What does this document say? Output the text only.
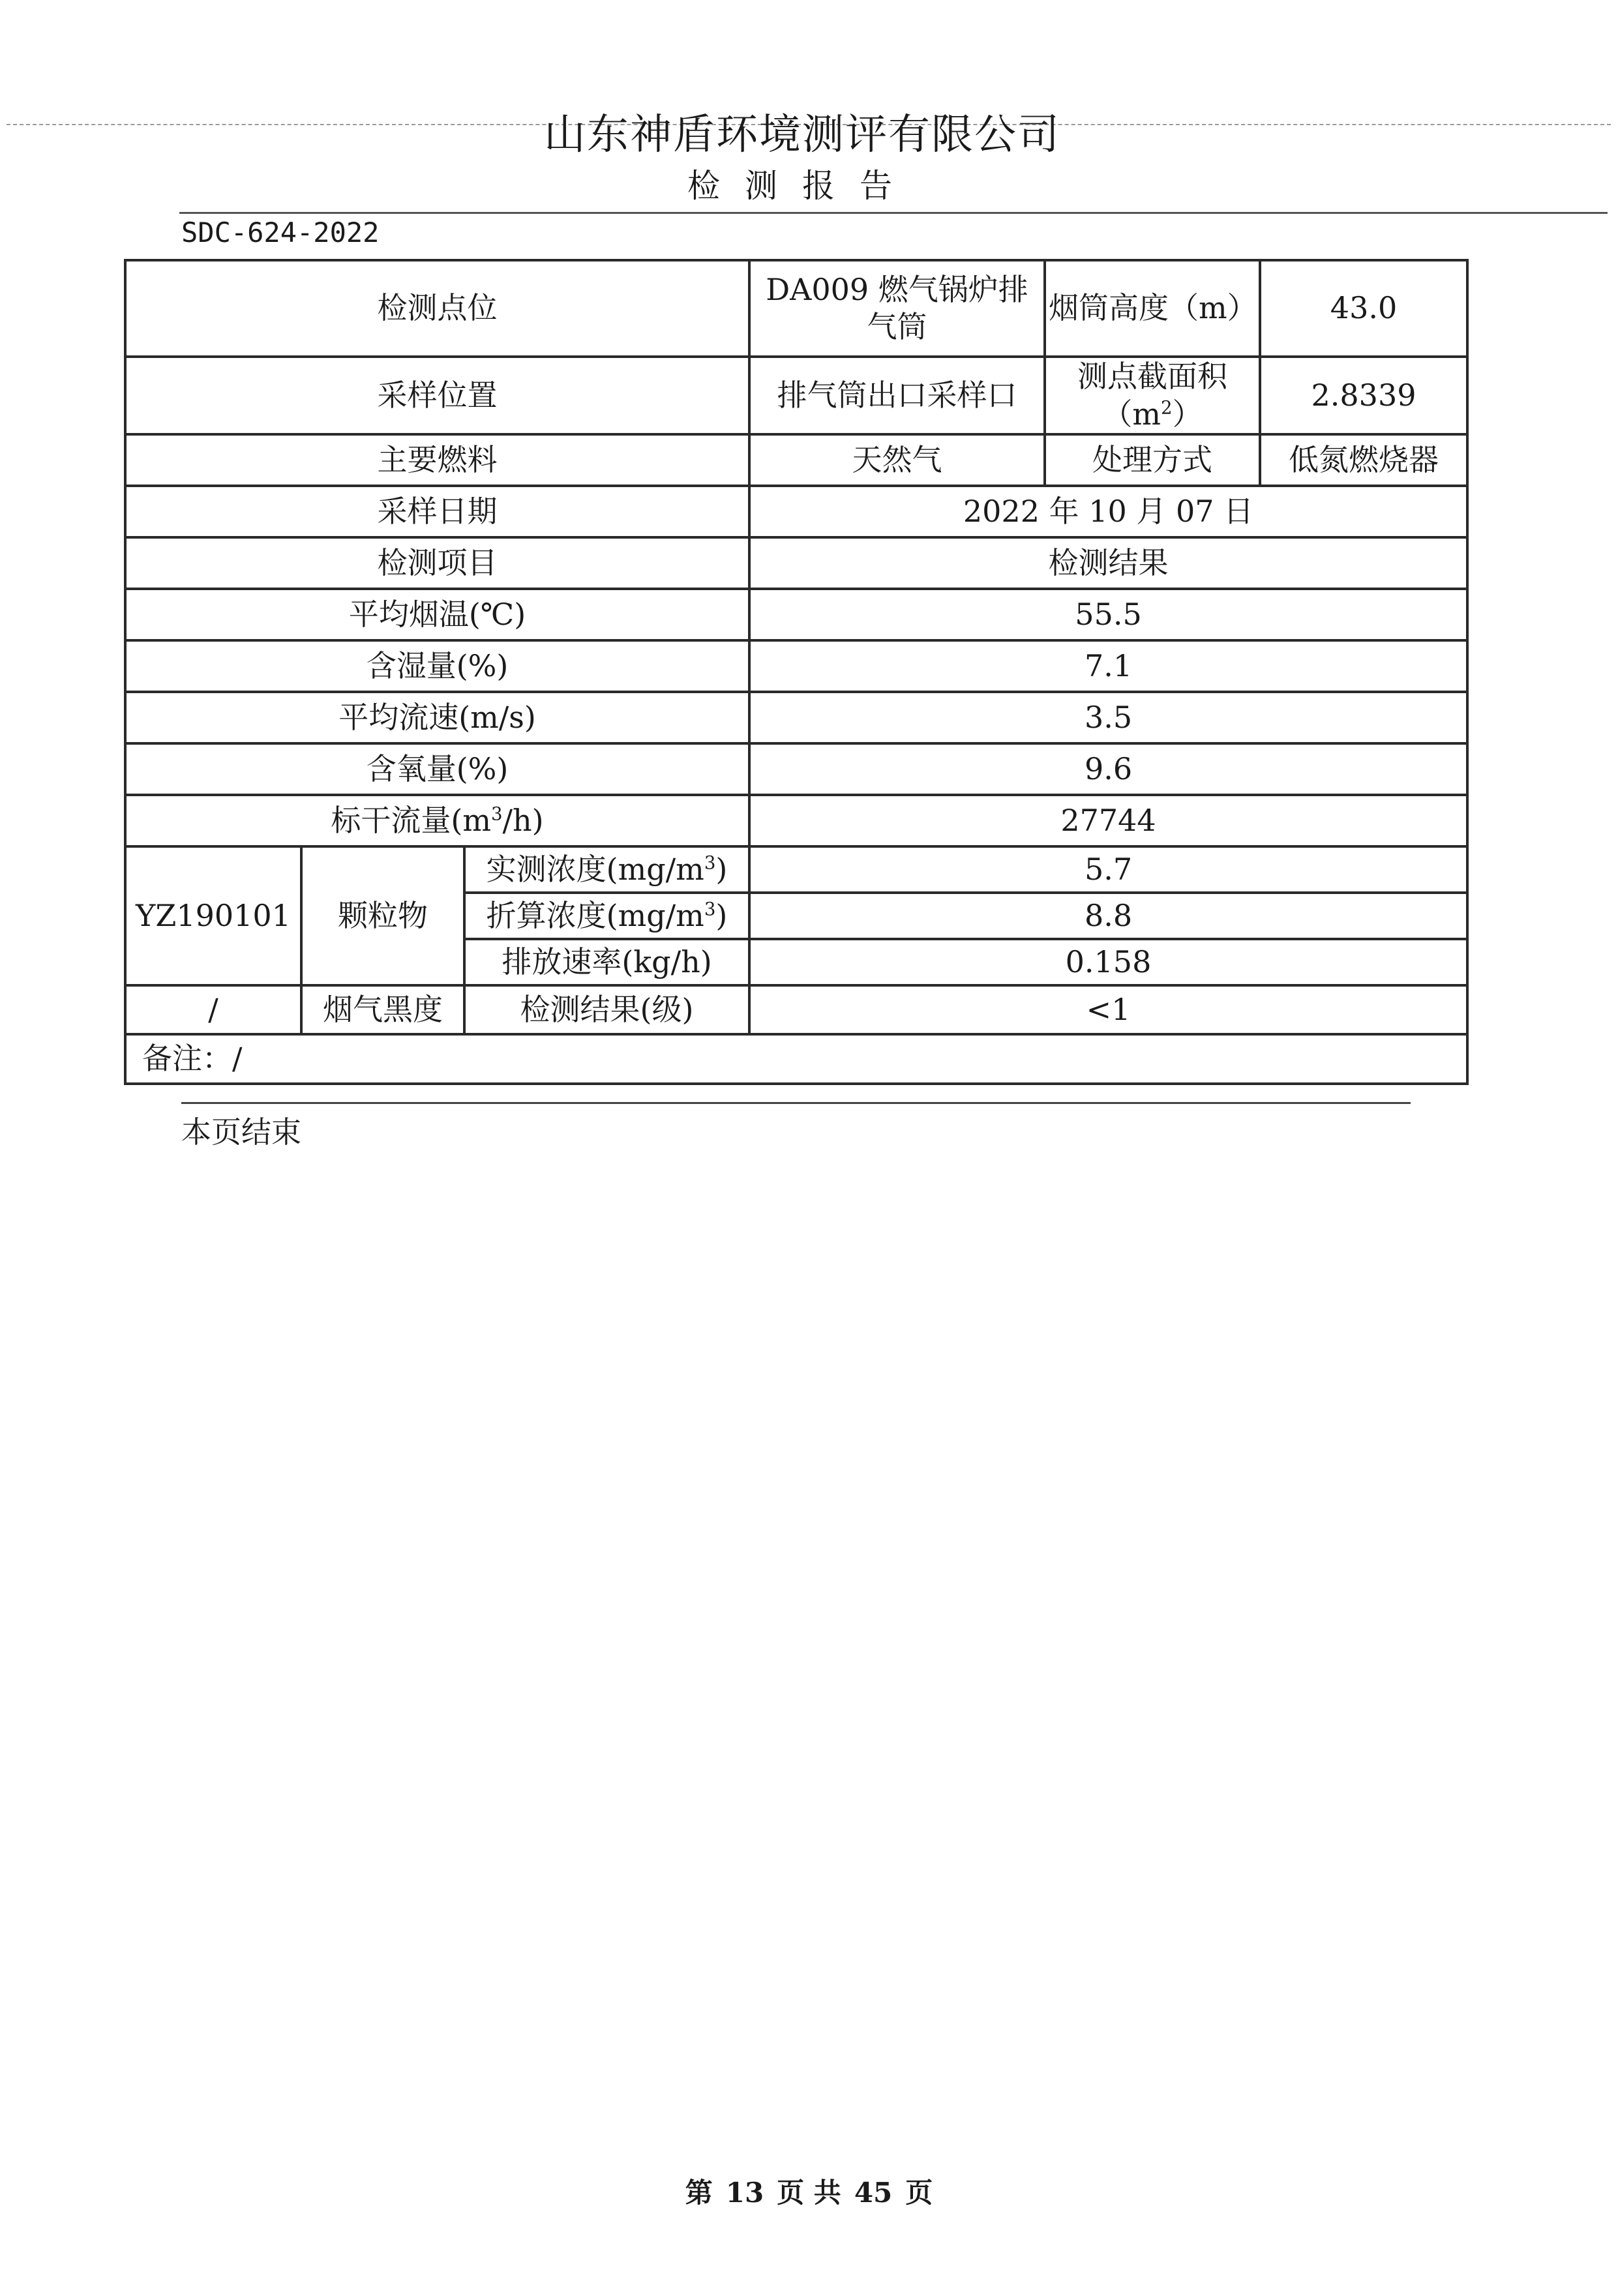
山东神盾环境测评有限公司
检测报告
SDC-624-2022
检测点位			DA009 燃气锅炉排气筒	烟筒高度（m）	43.0
采样位置			排气筒出口采样口	测点截面积$(m^2)$	2.8339
主要燃料			天然气	处理方式	低氮燃烧器
采样日期			2022 年 10 月 07 日		
检测项目			检测结果		
平均烟温(℃)			55.5		
含湿量(%)			7.1		
平均流速(m/s)			3.5		
含氧量(%)			9.6		
标干流量$(m^3/h)$			27744		
YZ190101	颗粒物	实测浓度$(mg/m^3)$	5.7		
		折算浓度$(mg/m^3)$	8.8		
		排放速率(kg/h)	0.158		
/	烟气黑度	检测结果(级)	<1		
备注：/					
本页结束
第 13 页 共 45 页
